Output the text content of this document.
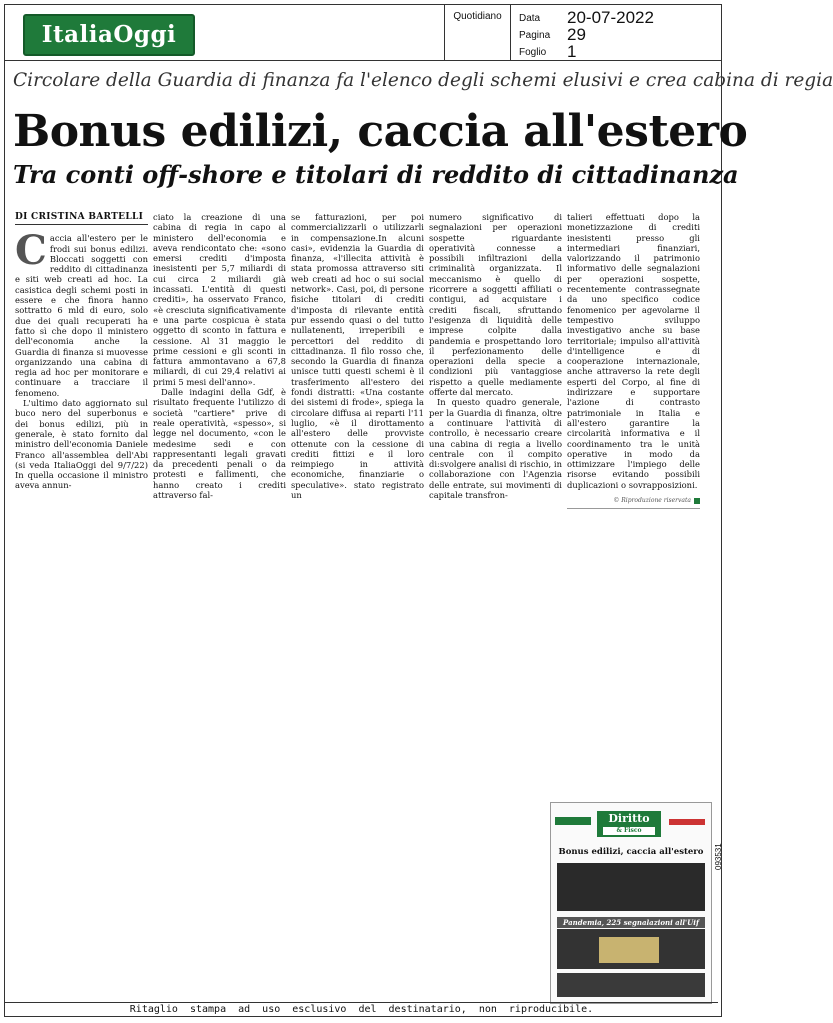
ItaliaOggi
Quotidiano	Data 20-07-2022
Pagina 29
Foglio 1
Circolare della Guardia di finanza fa l'elenco degli schemi elusivi e crea cabina di regia
Bonus edilizi, caccia all'estero
Tra conti off-shore e titolari di reddito di cittadinanza
DI CRISTINA BARTELLI

Caccia all'estero per le frodi sui bonus edilizi. Bloccati soggetti con reddito di cittadinanza e siti web creati ad hoc. La casistica degli schemi posti in essere e che finora hanno sottratto 6 mld di euro, solo due dei quali recuperati ha fatto sì che dopo il ministero dell'economia anche la Guardia di finanza si muovesse organizzando una cabina di regia ad hoc per monitorare e continuare a tracciare il fenomeno.

L'ultimo dato aggiornato sul buco nero del superbonus e dei bonus edilizi, più in generale, è stato fornito dal ministro dell'economia Daniele Franco all'assemblea dell'Abi (si veda ItaliaOggi del 9/7/22) In quella occasione il ministro aveva annun-

ciato la creazione di una cabina di regia in capo al ministero dell'economia e aveva rendicontato che: «sono emersi crediti d'imposta inesistenti per 5,7 miliardi di cui circa 2 miliardi già incassati. L'entità di questi crediti», ha osservato Franco, «è cresciuta significativamente e una parte cospicua è stata oggetto di sconto in fattura e cessione. Al 31 maggio le prime cessioni e gli sconti in fattura ammontavano a 67,8 miliardi, di cui 29,4 relativi ai primi 5 mesi dell'anno».

Dalle indagini della Gdf, è risultato frequente l'utilizzo di società "cartiere" prive di reale operatività, «spesso», si legge nel documento, «con le medesime sedi e con rappresentanti legali gravati da precedenti penali o da protesti e fallimenti, che hanno creato i crediti attraverso fal-

se fatturazioni, per poi commercializzarli o utilizzarli in compensazione.In alcuni casi», evidenzia la Guardia di finanza, «l'illecita attività è stata promossa attraverso siti web creati ad hoc o sui social network». Casi, poi, di persone fisiche titolari di crediti d'imposta di rilevante entità pur essendo quasi o del tutto nullatenenti, irreperibili e percettori del reddito di cittadinanza. Il filo rosso che, secondo la Guardia di finanza unisce tutti questi schemi è il trasferimento all'estero dei fondi distratti: «Una costante dei sistemi di frode», spiega la circolare diffusa ai reparti l'11 luglio, «è il dirottamento all'estero delle provviste ottenute con la cessione di crediti fittizi e il loro reimpiego in attività economiche, finanziarie o speculative». stato registrato un

numero significativo di segnalazioni per operazioni sospette riguardante operatività connesse a possibili infiltrazioni della criminalità organizzata. Il meccanismo è quello di ricorrere a soggetti affiliati o contigui, ad acquistare i crediti fiscali, sfruttando l'esigenza di liquidità delle imprese colpite dalla pandemia e prospettando loro il perfezionamento delle operazioni della specie a condizioni più vantaggiose rispetto a quelle mediamente offerte dal mercato.

In questo quadro generale, per la Guardia di finanza, oltre a continuare l'attività di controllo, è necessario creare una cabina di regia a livello centrale con il compito di:svolgere analisi di rischio, in collaborazione con l'Agenzia delle entrate, sui movimenti di capitale transfron-

talieri effettuati dopo la monetizzazione di crediti inesistenti presso gli intermediari finanziari, valorizzando il patrimonio informativo delle segnalazioni per operazioni sospette, recentemente contrassegnate da uno specifico codice fenomenico per agevolarne il tempestivo sviluppo investigativo anche su base territoriale; impulso all'attività d'intelligence e di cooperazione internazionale, anche attraverso la rete degli esperti del Corpo, al fine di indirizzare e supportare l'azione di contrasto patrimoniale in Italia e all'estero garantire la circolarità informativa e il coordinamento tra le unità operative in modo da ottimizzare l'impiego delle risorse evitando possibili duplicazioni o sovrapposizioni.

© Riproduzione riservata
Diritto
& Fisco
Bonus edilizi, caccia all'estero
Pandemia, 225 segnalazioni all'Uif
093531
Ritaglio stampa ad uso esclusivo del destinatario, non riproducibile.
